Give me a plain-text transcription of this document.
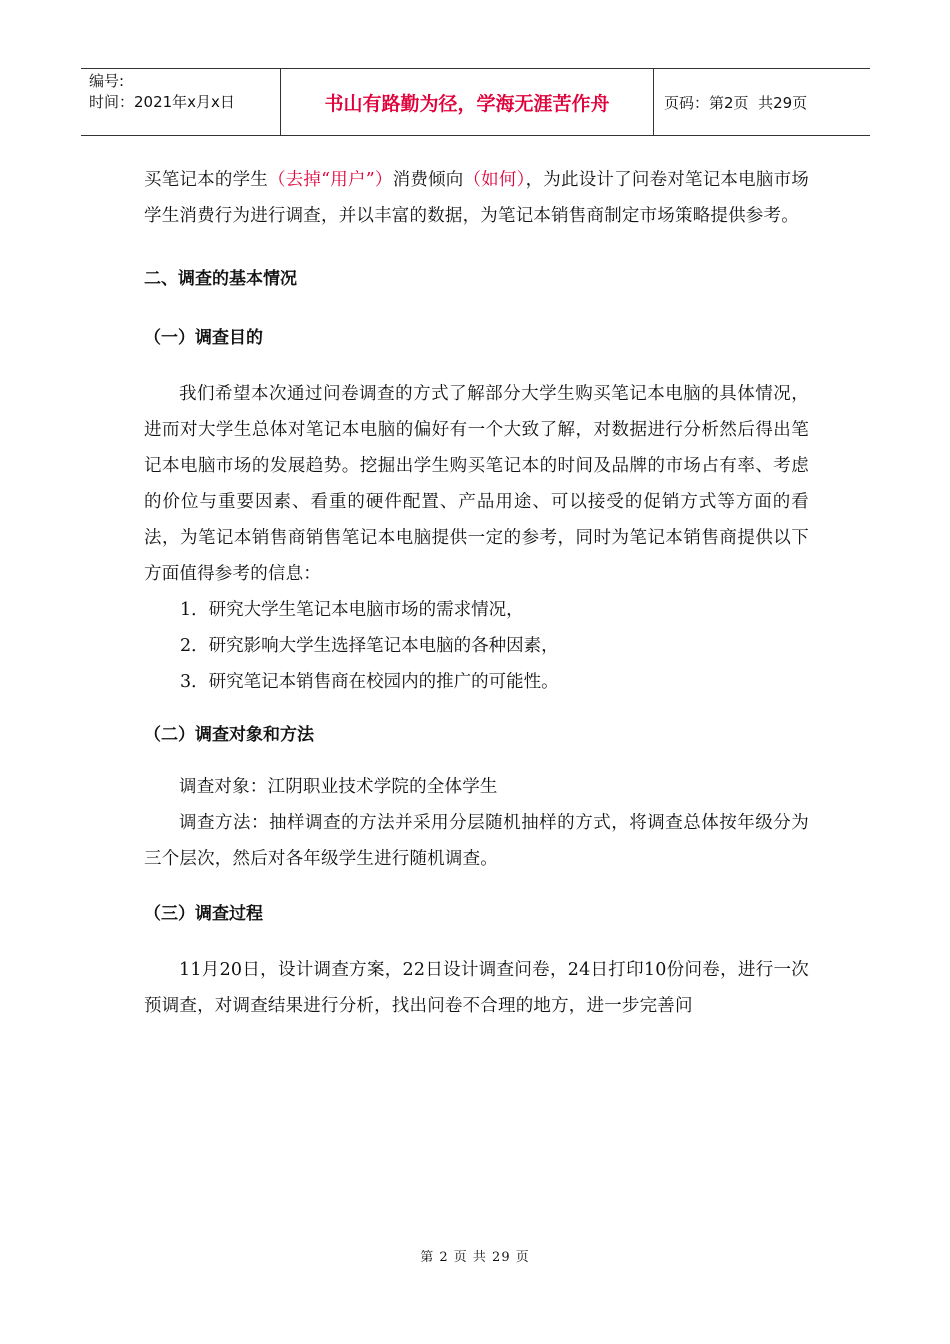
编号:
时间：2021年x月x日	书山有路勤为径，学海无涯苦作舟	页码：第2页  共29页

买笔记本的学生（去掉“用户”）消费倾向（如何），为此设计了问卷对笔记本电脑市场学生消费行为进行调查，并以丰富的数据，为笔记本销售商制定市场策略提供参考。

二、调查的基本情况

（一）调查目的

我们希望本次通过问卷调查的方式了解部分大学生购买笔记本电脑的具体情况，进而对大学生总体对笔记本电脑的偏好有一个大致了解，对数据进行分析然后得出笔记本电脑市场的发展趋势。挖掘出学生购买笔记本的时间及品牌的市场占有率、考虑的价位与重要因素、看重的硬件配置、产品用途、可以接受的促销方式等方面的看法，为笔记本销售商销售笔记本电脑提供一定的参考，同时为笔记本销售商提供以下方面值得参考的信息：

1．研究大学生笔记本电脑市场的需求情况，

2．研究影响大学生选择笔记本电脑的各种因素，

3．研究笔记本销售商在校园内的推广的可能性。

（二）调查对象和方法

调查对象：江阴职业技术学院的全体学生

调查方法：抽样调查的方法并采用分层随机抽样的方式，将调查总体按年级分为三个层次，然后对各年级学生进行随机调查。

（三）调查过程

11月20日，设计调查方案，22日设计调查问卷，24日打印10份问卷，进行一次预调查，对调查结果进行分析，找出问卷不合理的地方，进一步完善问

第 2 页 共 29 页
